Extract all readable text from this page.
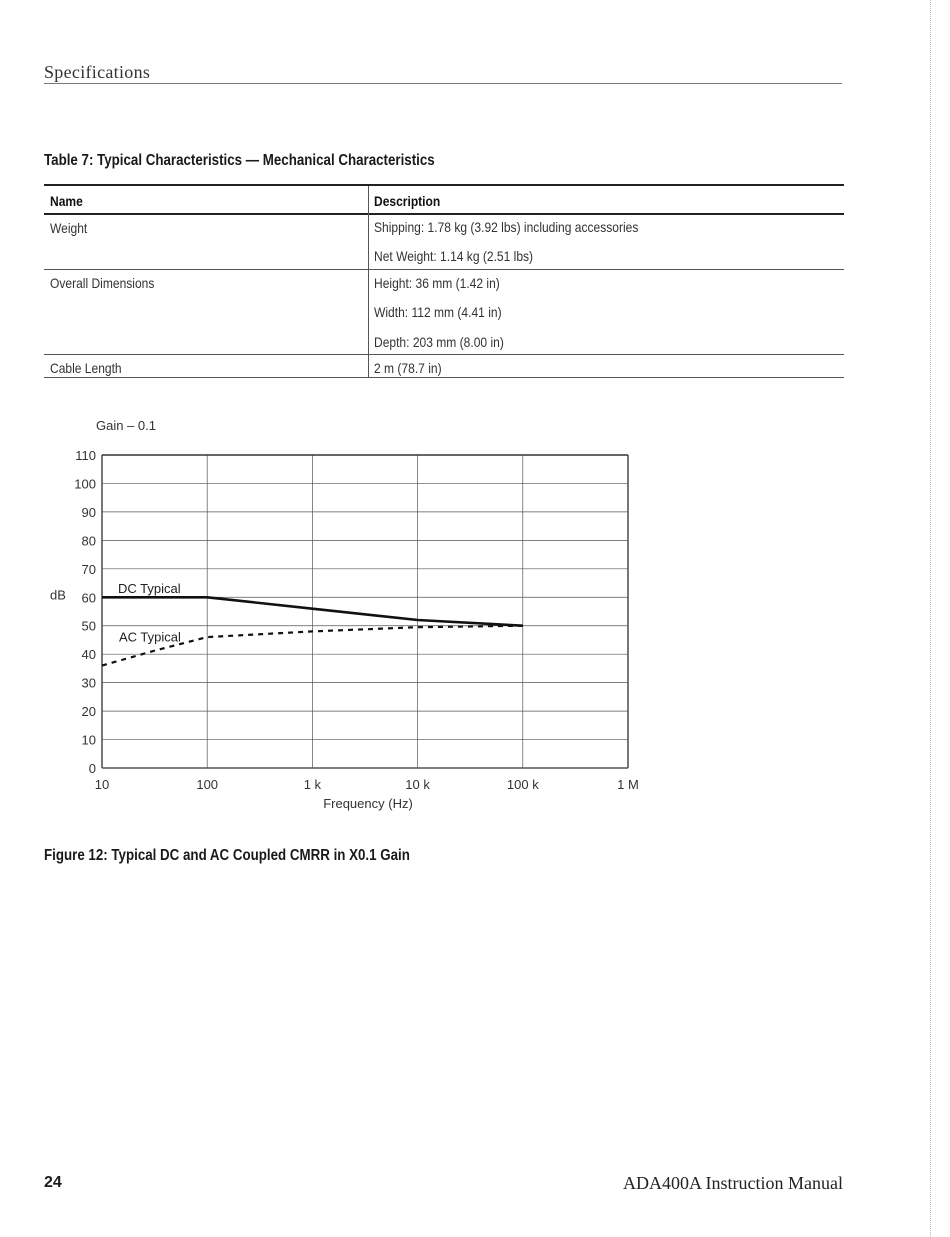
Specifications
Table 7: Typical Characteristics — Mechanical Characteristics
Name	Description
Weight	Shipping: 1.78 kg (3.92 lbs) including accessories
Net Weight: 1.14 kg (2.51 lbs)
Overall Dimensions	Height: 36 mm (1.42 in)
Width: 112 mm (4.41 in)
Depth: 203 mm (8.00 in)
Cable Length	2 m (78.7 in)
0
10
20
30
40
50
60
70
80
90
100
110
10	100	1 k	10 k	100 k	1 M
DC Typical
AC Typical
Gain – 0.1
dB
Frequency (Hz)
Figure 12: Typical DC and AC Coupled CMRR in X0.1 Gain
24	ADA400A Instruction Manual
